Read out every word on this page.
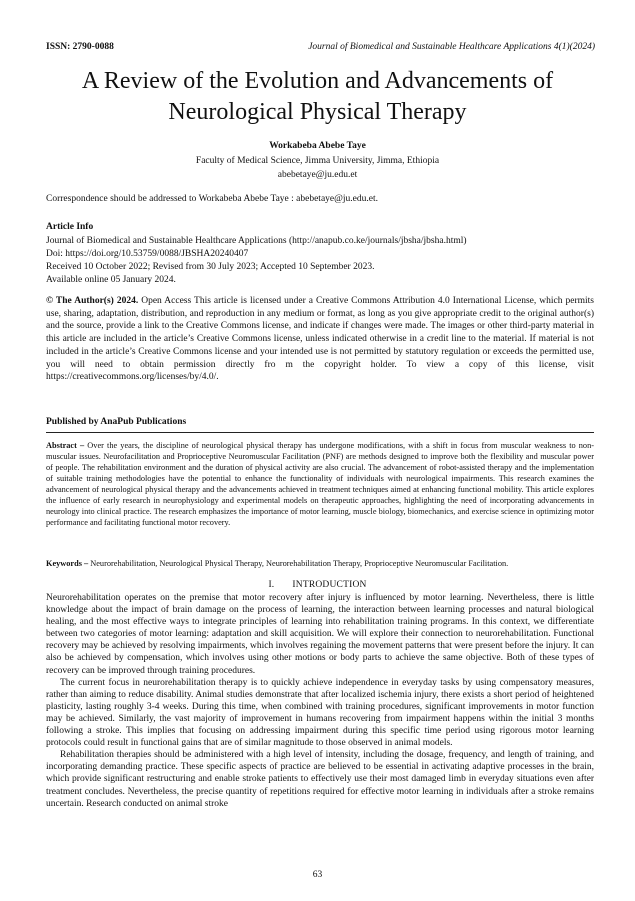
ISSN: 2790-0088	Journal of Biomedical and Sustainable Healthcare Applications 4(1)(2024)
A Review of the Evolution and Advancements of Neurological Physical Therapy
Workabeba Abebe Taye
Faculty of Medical Science, Jimma University, Jimma, Ethiopia
abebetaye@ju.edu.et
Correspondence should be addressed to Workabeba Abebe Taye : abebetaye@ju.edu.et.
Article Info
Journal of Biomedical and Sustainable Healthcare Applications (http://anapub.co.ke/journals/jbsha/jbsha.html)
Doi: https://doi.org/10.53759/0088/JBSHA20240407
Received 10 October 2022; Revised from 30 July 2023; Accepted 10 September 2023.
Available online 05 January 2024.
© The Author(s) 2024. Open Access This article is licensed under a Creative Commons Attribution 4.0 International License, which permits use, sharing, adaptation, distribution, and reproduction in any medium or format, as long as you give appropriate credit to the original author(s) and the source, provide a link to the Creative Commons license, and indicate if changes were made. The images or other third-party material in this article are included in the article’s Creative Commons license, unless indicated otherwise in a credit line to the material. If material is not included in the article’s Creative Commons license and your intended use is not permitted by statutory regulation or exceeds the permitted use, you will need to obtain permission directly fro m the copyright holder. To view a copy of this license, visit https://creativecommons.org/licenses/by/4.0/.
Published by AnaPub Publications
Abstract – Over the years, the discipline of neurological physical therapy has undergone modifications, with a shift in focus from muscular weakness to non-muscular issues. Neurofacilitation and Proprioceptive Neuromuscular Facilitation (PNF) are methods designed to improve both the flexibility and muscular power of people. The rehabilitation environment and the duration of physical activity are also crucial. The advancement of robot-assisted therapy and the implementation of suitable training methodologies have the potential to enhance the functionality of individuals with neurological impairments. This research examines the advancement of neurological physical therapy and the advancements achieved in treatment techniques aimed at enhancing functional mobility. This article explores the influence of early research in neurophysiology and experimental models on therapeutic approaches, highlighting the need of incorporating advancements in neurology into clinical practice. The research emphasizes the importance of motor learning, muscle biology, biomechanics, and exercise science in optimizing motor performance and facilitating functional motor recovery.
Keywords – Neurorehabilitation, Neurological Physical Therapy, Neurorehabilitation Therapy, Proprioceptive Neuromuscular Facilitation.
I. INTRODUCTION

Neurorehabilitation operates on the premise that motor recovery after injury is influenced by motor learning. Nevertheless, there is little knowledge about the impact of brain damage on the process of learning, the interaction between learning processes and natural biological healing, and the most effective ways to integrate principles of learning into rehabilitation training programs. In this context, we differentiate between two categories of motor learning: adaptation and skill acquisition. We will explore their connection to neurorehabilitation. Functional recovery may be achieved by resolving impairments, which involves regaining the movement patterns that were present before the injury. It can also be achieved by compensation, which involves using other motions or body parts to achieve the same objective. Both of these types of recovery can be improved through training procedures.

The current focus in neurorehabilitation therapy is to quickly achieve independence in everyday tasks by using compensatory measures, rather than aiming to reduce disability. Animal studies demonstrate that after localized ischemia injury, there exists a short period of heightened plasticity, lasting roughly 3-4 weeks. During this time, when combined with training procedures, significant improvements in motor function may be achieved. Similarly, the vast majority of improvement in humans recovering from impairment happens within the initial 3 months following a stroke. This implies that focusing on addressing impairment during this specific time period using rigorous motor learning protocols could result in functional gains that are of similar magnitude to those observed in animal models.

Rehabilitation therapies should be administered with a high level of intensity, including the dosage, frequency, and length of training, and incorporating demanding practice. These specific aspects of practice are believed to be essential in activating adaptive processes in the brain, which provide significant restructuring and enable stroke patients to effectively use their most damaged limb in everyday situations even after treatment concludes. Nevertheless, the precise quantity of repetitions required for effective motor learning in individuals after a stroke remains uncertain. Research conducted on animal stroke

63
